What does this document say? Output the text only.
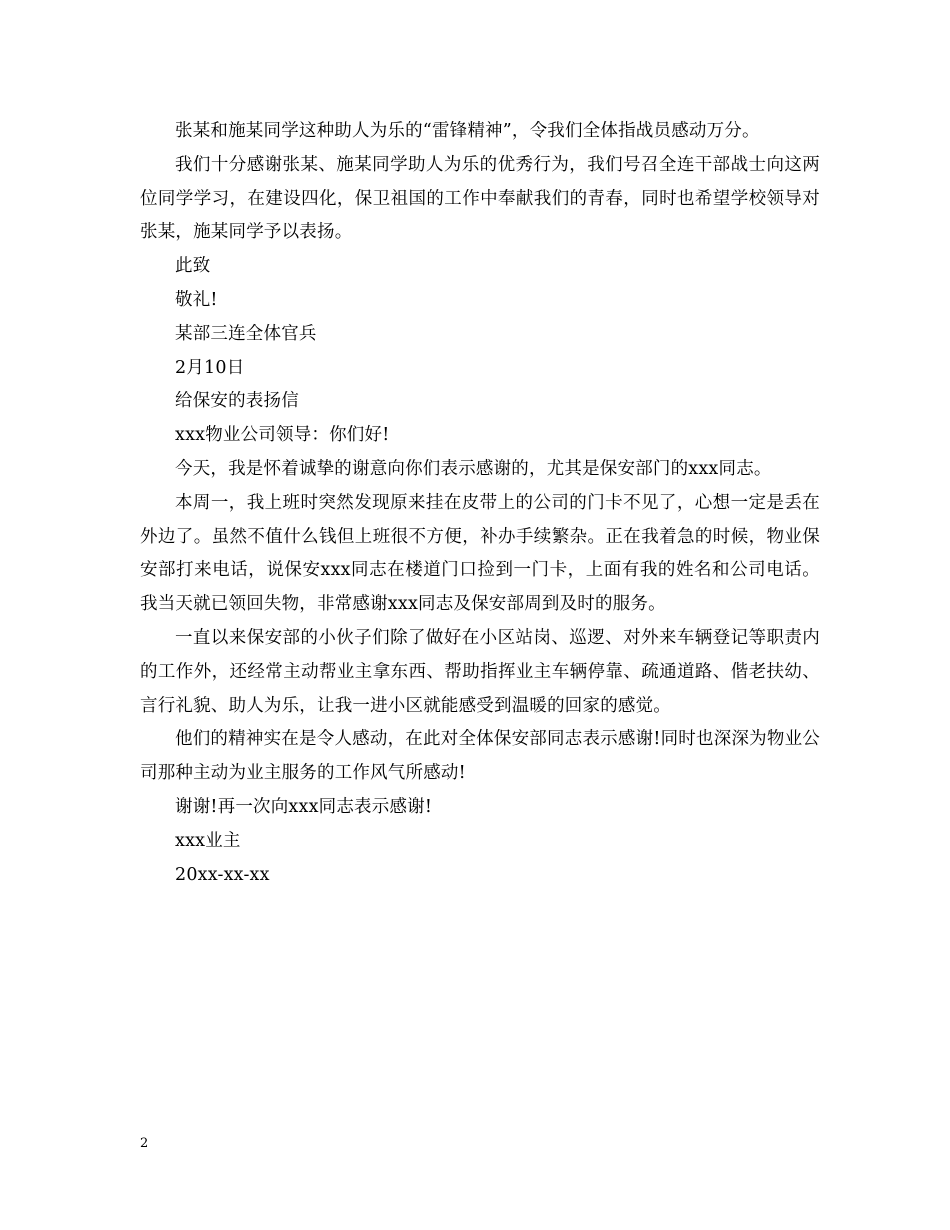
张某和施某同学这种助人为乐的“雷锋精神”，令我们全体指战员感动万分。

我们十分感谢张某、施某同学助人为乐的优秀行为，我们号召全连干部战士向这两位同学学习，在建设四化，保卫祖国的工作中奉献我们的青春，同时也希望学校领导对张某，施某同学予以表扬。

此致

敬礼!

某部三连全体官兵

2月10日

给保安的表扬信

xxx物业公司领导：你们好!

今天，我是怀着诚挚的谢意向你们表示感谢的，尤其是保安部门的xxx同志。

本周一，我上班时突然发现原来挂在皮带上的公司的门卡不见了，心想一定是丢在外边了。虽然不值什么钱但上班很不方便，补办手续繁杂。正在我着急的时候，物业保安部打来电话，说保安xxx同志在楼道门口捡到一门卡，上面有我的姓名和公司电话。我当天就已领回失物，非常感谢xxx同志及保安部周到及时的服务。

一直以来保安部的小伙子们除了做好在小区站岗、巡逻、对外来车辆登记等职责内的工作外，还经常主动帮业主拿东西、帮助指挥业主车辆停靠、疏通道路、偕老扶幼、言行礼貌、助人为乐，让我一进小区就能感受到温暖的回家的感觉。

他们的精神实在是令人感动，在此对全体保安部同志表示感谢!同时也深深为物业公司那种主动为业主服务的工作风气所感动!

谢谢!再一次向xxx同志表示感谢!

xxx业主

20xx-xx-xx

2
